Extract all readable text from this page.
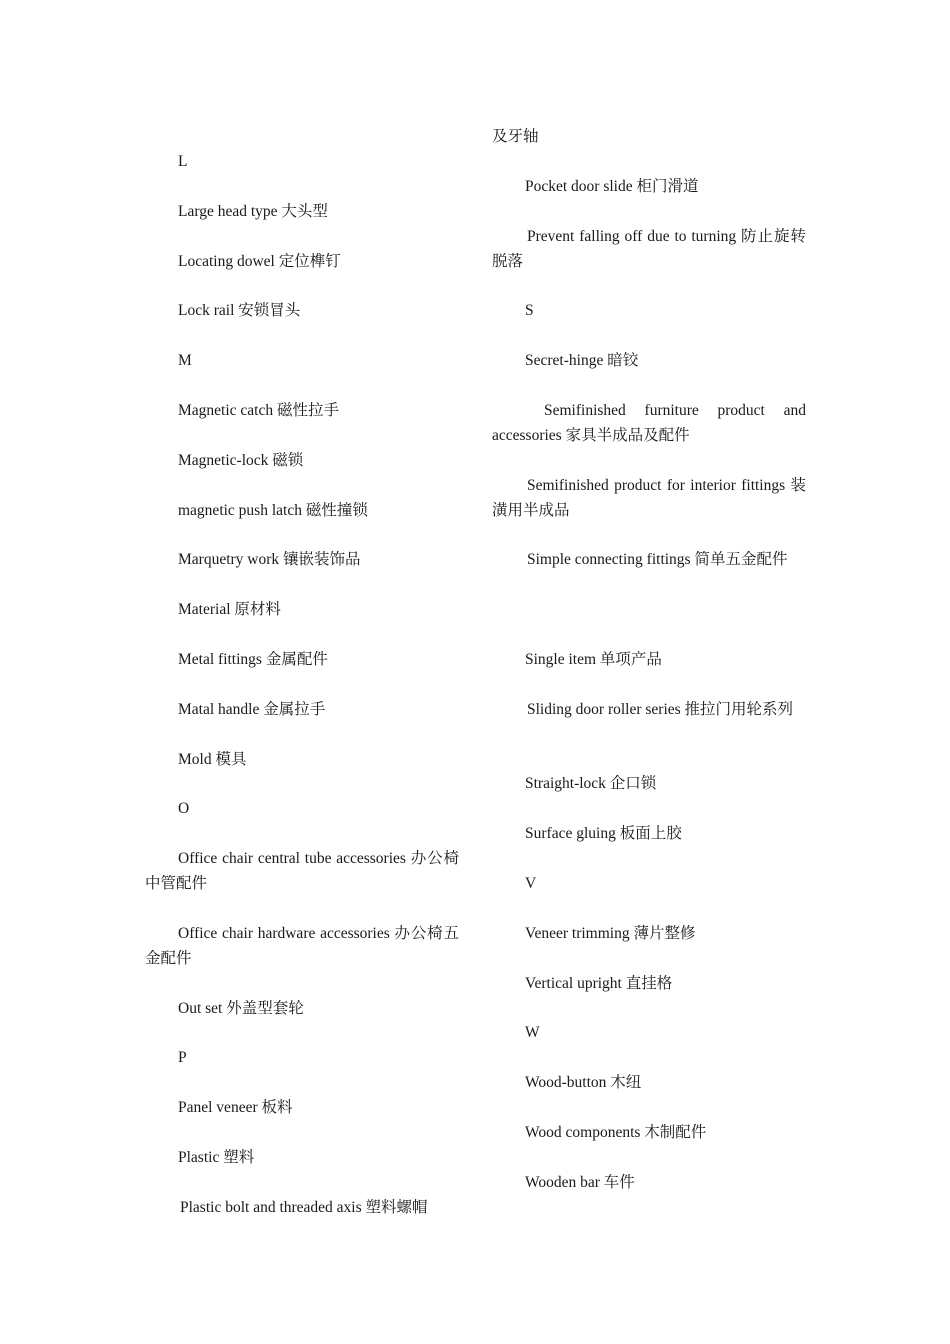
L

Large head type 大头型

Locating dowel 定位榫钉

Lock rail 安锁冒头

M

Magnetic catch 磁性拉手

Magnetic-lock 磁锁

magnetic push latch 磁性撞锁

Marquetry work 镶嵌装饰品

Material 原材料

Metal fittings 金属配件

Matal handle 金属拉手

Mold 模具

O

Office chair central tube accessories 办公椅中管配件

Office chair hardware accessories 办公椅五金配件

Out set 外盖型套轮

P

Panel veneer 板料

Plastic 塑料

Plastic bolt and threaded axis 塑料螺帽

及牙轴

Pocket door slide 柜门滑道

Prevent falling off due to turning 防止旋转脱落

S

Secret-hinge 暗铰

Semifinished furniture product and accessories 家具半成品及配件

Semifinished product for interior fittings 装潢用半成品

Simple connecting fittings 简单五金配件

Single item 单项产品

Sliding door roller series 推拉门用轮系列

Straight-lock 企口锁

Surface gluing 板面上胶

V

Veneer trimming 薄片整修

Vertical upright 直挂格

W

Wood-button 木纽

Wood components 木制配件

Wooden bar 车件
